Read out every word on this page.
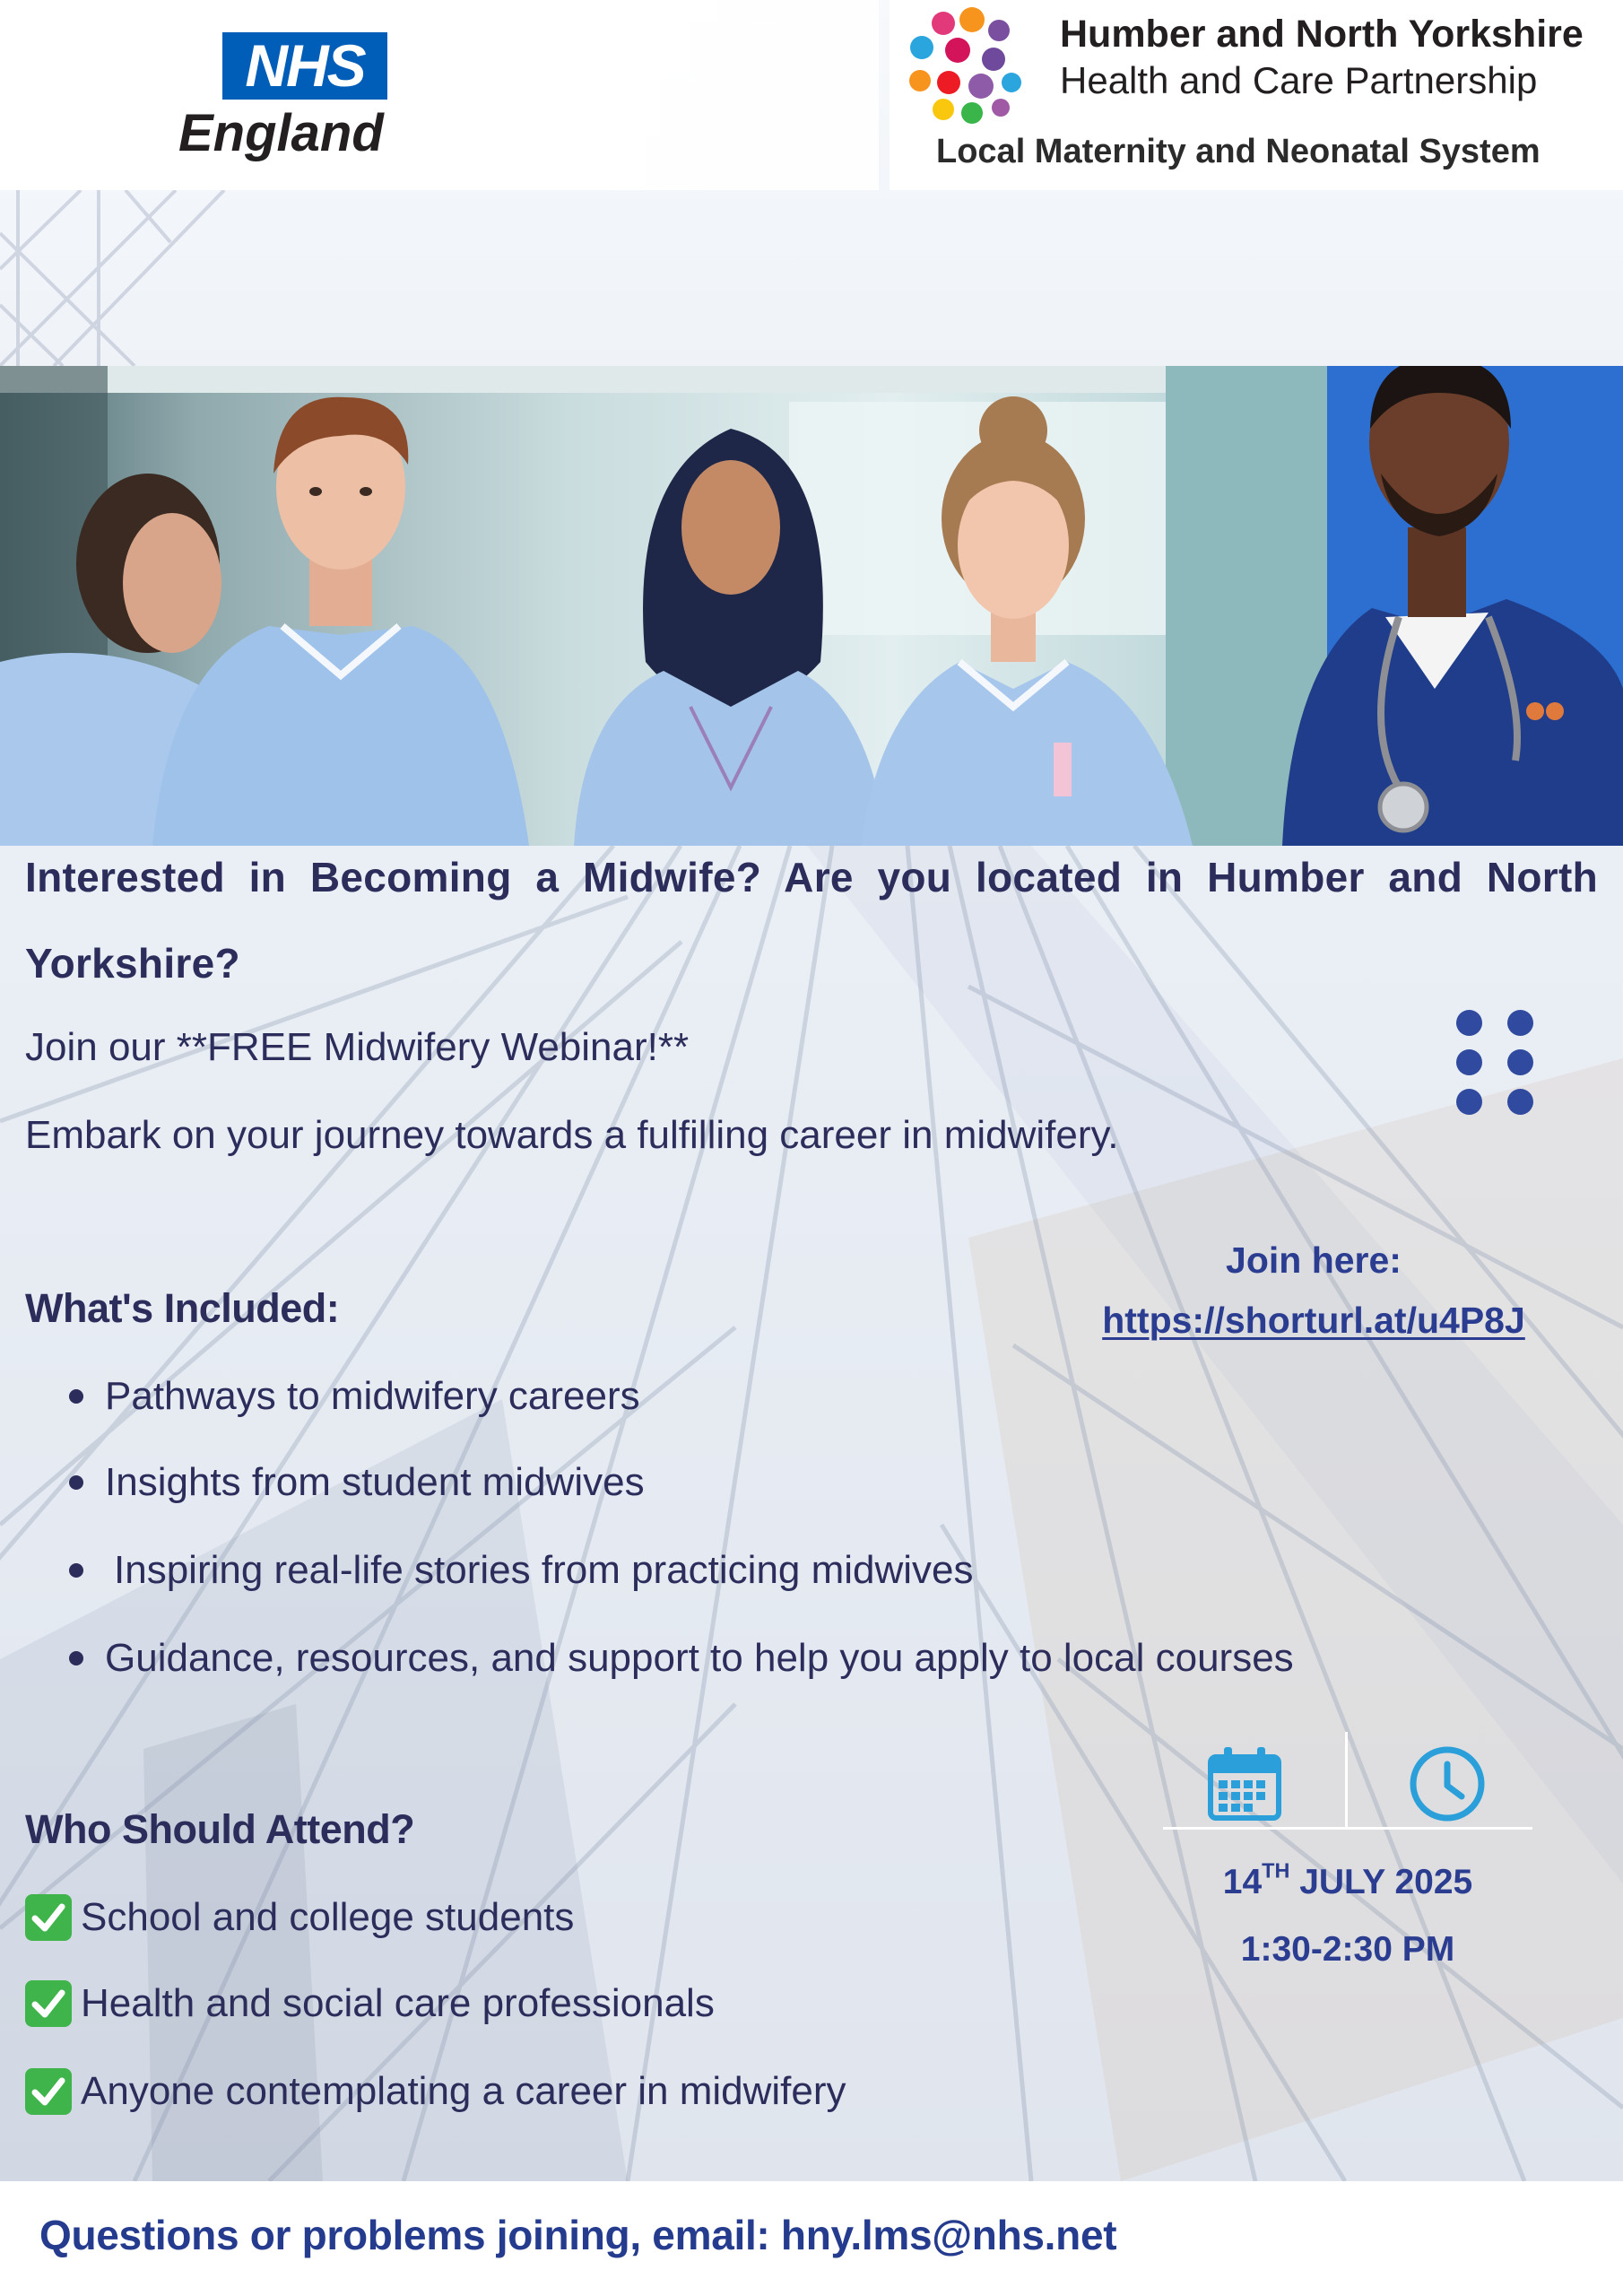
NHS
England
Humber and North Yorkshire
Health and Care Partnership
Local Maternity and Neonatal System
Interested in Becoming a Midwife? Are you located in Humber and North Yorkshire?
Join our **FREE Midwifery Webinar!**
Embark on your journey towards a fulfilling career in midwifery.
Join here:
https://shorturl.at/u4P8J
What's Included:
Pathways to midwifery careers
Insights from student midwives
Inspiring real-life stories from practicing midwives
Guidance, resources, and support to help you apply to local courses
Who Should Attend?
School and college students
Health and social care professionals
Anyone contemplating a career in midwifery
14TH JULY 2025
1:30-2:30 PM
Questions or problems joining, email: hny.lms@nhs.net
